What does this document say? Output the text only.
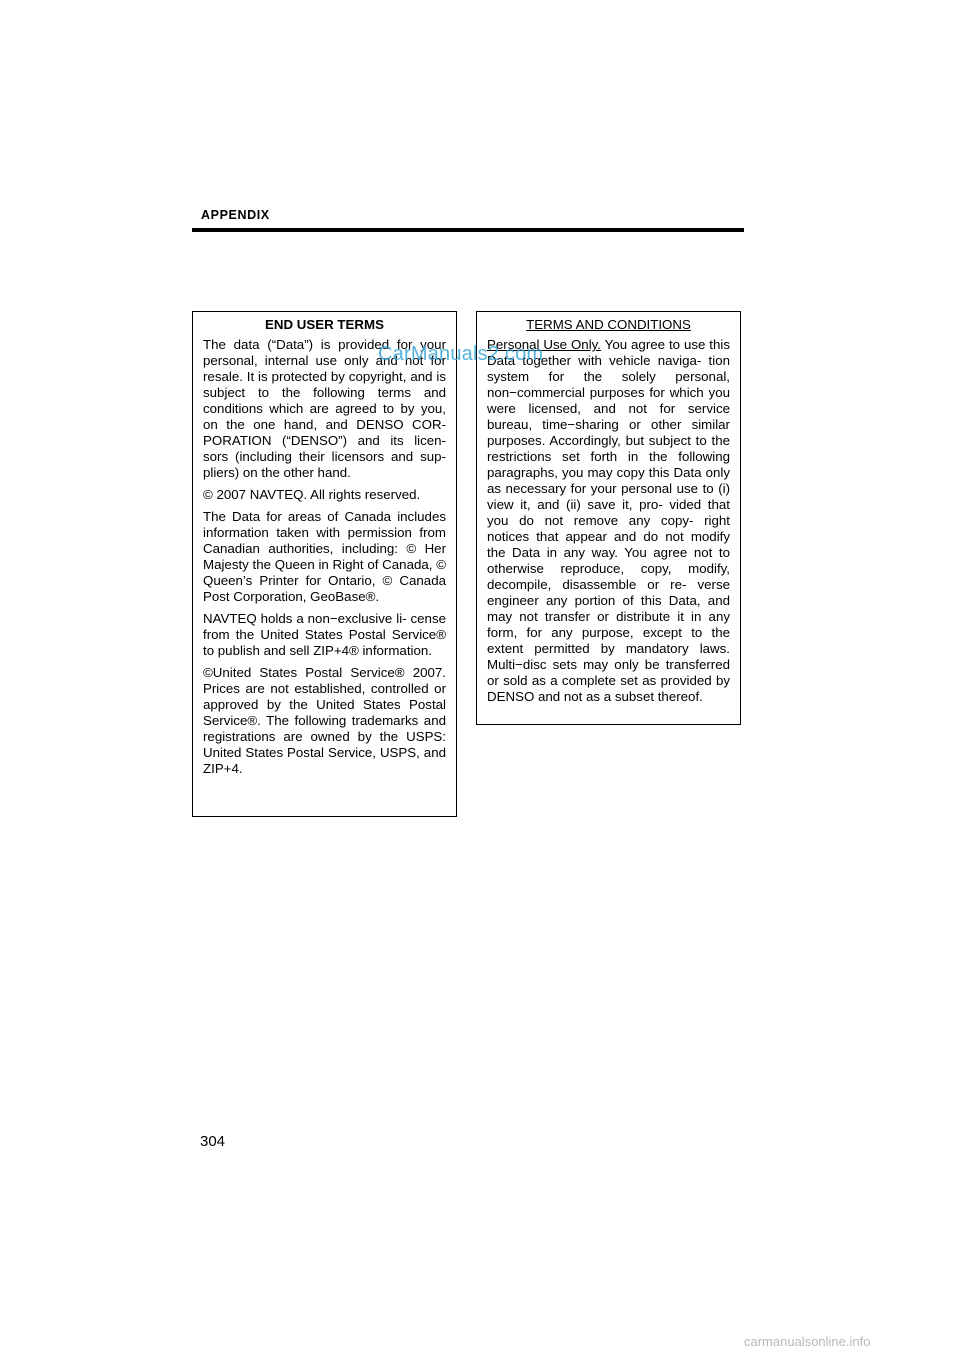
APPENDIX

END USER TERMS

The data (“Data”) is provided for your personal, internal use only and not for resale. It is protected by copyright, and is subject to the following terms and conditions which are agreed to by you, on the one hand, and DENSO COR- PORATION (“DENSO”) and its licen- sors (including their licensors and sup- pliers) on the other hand.

© 2007 NAVTEQ. All rights reserved.

The Data for areas of Canada includes information taken with permission from Canadian authorities, including: © Her Majesty the Queen in Right of Canada, © Queen’s Printer for Ontario, © Canada Post Corporation, GeoBase®.

NAVTEQ holds a non−exclusive li- cense from the United States Postal Service® to publish and sell ZIP+4® information.

©United States Postal Service® 2007. Prices are not established, controlled or approved by the United States Postal Service®. The following trademarks and registrations are owned by the USPS: United States Postal Service, USPS, and ZIP+4.

TERMS AND CONDITIONS

Personal Use Only. You agree to use this Data together with vehicle naviga- tion system for the solely personal, non−commercial purposes for which you were licensed, and not for service bureau, time−sharing or other similar purposes. Accordingly, but subject to the restrictions set forth in the following paragraphs, you may copy this Data only as necessary for your personal use to (i) view it, and (ii) save it, pro- vided that you do not remove any copy- right notices that appear and do not modify the Data in any way. You agree not to otherwise reproduce, copy, modify, decompile, disassemble or re- verse engineer any portion of this Data, and may not transfer or distribute it in any form, for any purpose, except to the extent permitted by mandatory laws. Multi−disc sets may only be transferred or sold as a complete set as provided by DENSO and not as a subset thereof.

CarManuals2.com
304
carmanualsonline.info
